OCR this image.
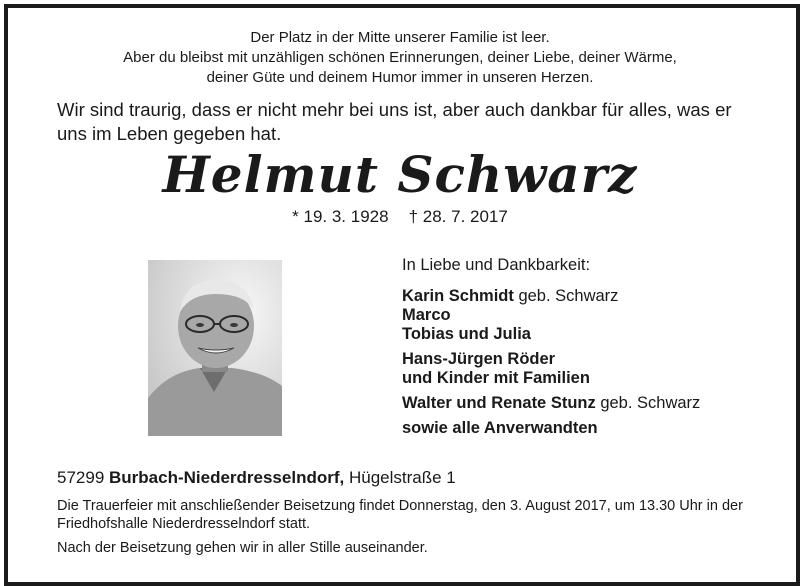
Der Platz in der Mitte unserer Familie ist leer.
Aber du bleibst mit unzähligen schönen Erinnerungen, deiner Liebe, deiner Wärme,
deiner Güte und deinem Humor immer in unseren Herzen.
Wir sind traurig, dass er nicht mehr bei uns ist, aber auch dankbar für alles, was er uns im Leben gegeben hat.
Helmut Schwarz
* 19. 3. 1928 † 28. 7. 2017
In Liebe und Dankbarkeit:
Karin Schmidt geb. Schwarz
Marco
Tobias und Julia
Hans-Jürgen Röder
und Kinder mit Familien
Walter und Renate Stunz geb. Schwarz
sowie alle Anverwandten
57299 Burbach-Niederdresselndorf, Hügelstraße 1

Die Trauerfeier mit anschließender Beisetzung findet Donnerstag, den 3. August 2017, um 13.30 Uhr in der Friedhofshalle Niederdresselndorf statt.

Nach der Beisetzung gehen wir in aller Stille auseinander.
